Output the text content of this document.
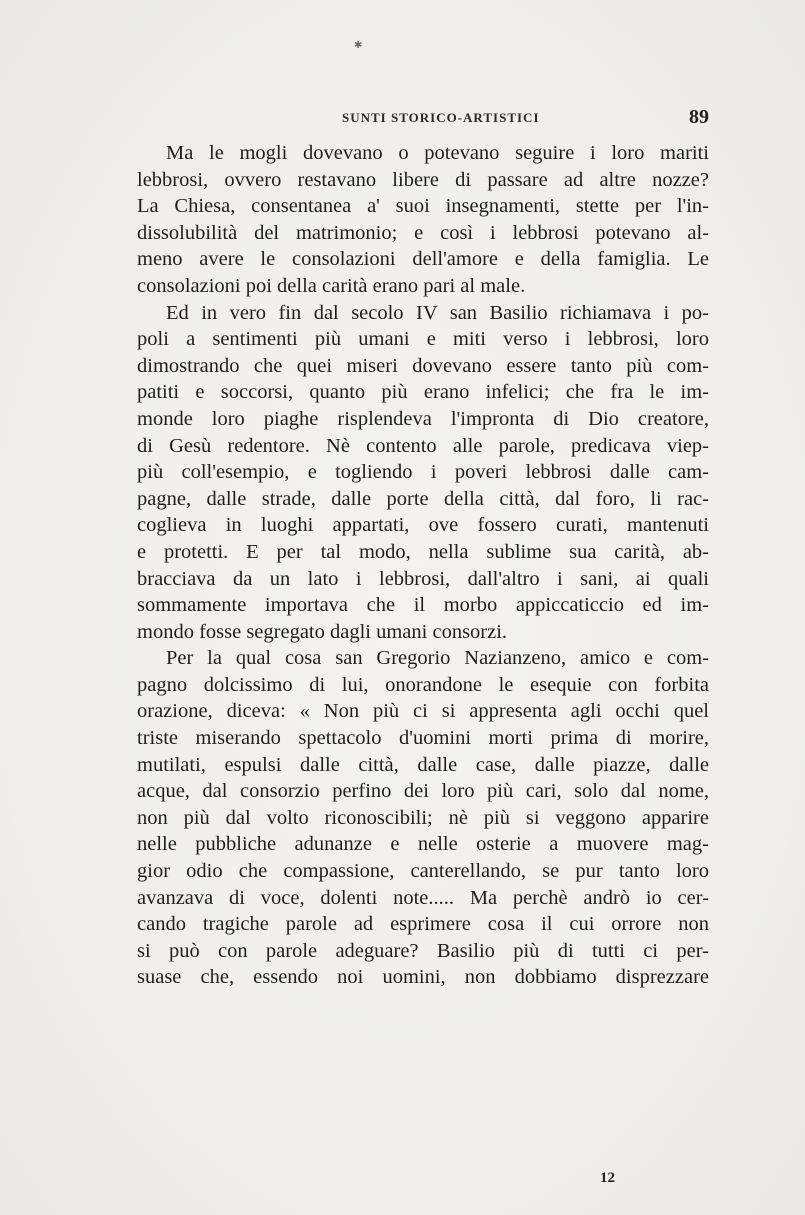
✱
SUNTI STORICO-ARTISTICI	89
Ma le mogli dovevano o potevano seguire i loro mariti
lebbrosi, ovvero restavano libere di passare ad altre nozze?
La Chiesa, consentanea a' suoi insegnamenti, stette per l'in-
dissolubilità del matrimonio; e così i lebbrosi potevano al-
meno avere le consolazioni dell'amore e della famiglia. Le
consolazioni poi della carità erano pari al male.
Ed in vero fin dal secolo IV san Basilio richiamava i po-
poli a sentimenti più umani e miti verso i lebbrosi, loro
dimostrando che quei miseri dovevano essere tanto più com-
patiti e soccorsi, quanto più erano infelici; che fra le im-
monde loro piaghe risplendeva l'impronta di Dio creatore,
di Gesù redentore. Nè contento alle parole, predicava viep-
più coll'esempio, e togliendo i poveri lebbrosi dalle cam-
pagne, dalle strade, dalle porte della città, dal foro, li rac-
coglieva in luoghi appartati, ove fossero curati, mantenuti
e protetti. E per tal modo, nella sublime sua carità, ab-
bracciava da un lato i lebbrosi, dall'altro i sani, ai quali
sommamente importava che il morbo appiccaticcio ed im-
mondo fosse segregato dagli umani consorzi.
Per la qual cosa san Gregorio Nazianzeno, amico e com-
pagno dolcissimo di lui, onorandone le esequie con forbita
orazione, diceva: « Non più ci si appresenta agli occhi quel
triste miserando spettacolo d'uomini morti prima di morire,
mutilati, espulsi dalle città, dalle case, dalle piazze, dalle
acque, dal consorzio perfino dei loro più cari, solo dal nome,
non più dal volto riconoscibili; nè più si veggono apparire
nelle pubbliche adunanze e nelle osterie a muovere mag-
gior odio che compassione, canterellando, se pur tanto loro
avanzava di voce, dolenti note..... Ma perchè andrò io cer-
cando tragiche parole ad esprimere cosa il cui orrore non
si può con parole adeguare? Basilio più di tutti ci per-
suase che, essendo noi uomini, non dobbiamo disprezzare
12
